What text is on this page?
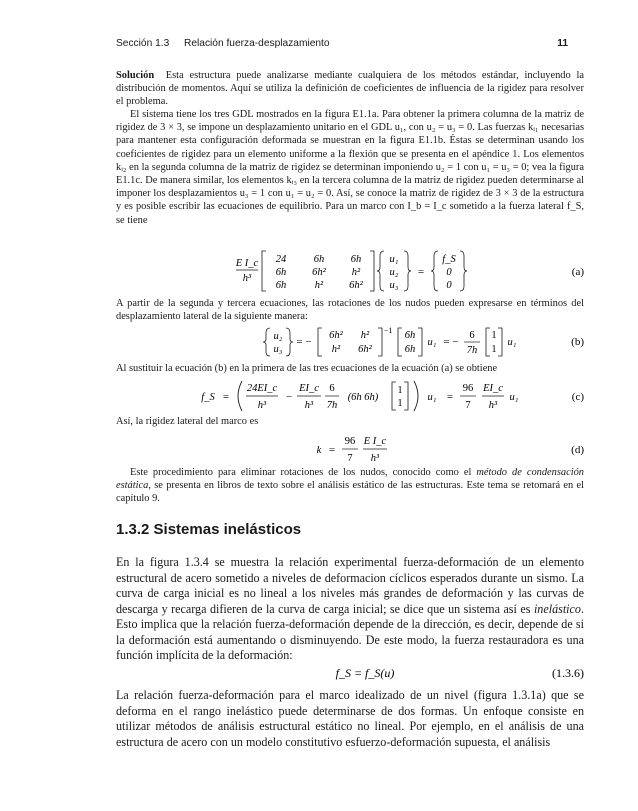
Sección 1.3 Relación fuerza-desplazamiento	11

Solución Esta estructura puede analizarse mediante cualquiera de los métodos estándar, incluyendo la distribución de momentos. Aquí se utiliza la definición de coeficientes de influencia de la rigidez para resolver el problema.

El sistema tiene los tres GDL mostrados en la figura E1.1a. Para obtener la primera columna de la matriz de rigidez de 3 × 3, se impone un desplazamiento unitario en el GDL u₁, con u₂ = u₃ = 0. Las fuerzas kᵢ₁ necesarias para mantener esta configuración deformada se muestran en la figura E1.1b. Éstas se determinan usando los coeficientes de rigidez para un elemento uniforme a la flexión que se presenta en el apéndice 1. Los elementos kᵢ₂ en la segunda columna de la matriz de rigidez se determinan imponiendo u₂ = 1 con u₁ = u₃ = 0; vea la figura E1.1c. De manera similar, los elementos kᵢ₃ en la tercera columna de la matriz de rigidez pueden determinarse al imponer los desplazamientos u₃ = 1 con u₁ = u₂ = 0. Así, se conoce la matriz de rigidez de 3 × 3 de la estructura y es posible escribir las ecuaciones de equilibrio. Para un marco con I_b = I_c sometido a la fuerza lateral f_S, se tiene

E I_c
h³
24	6h	6h
6h 6h² h²
6h	h² 6h²
u₁
u₂
u₃
=
f_S
0
0
(a)

A partir de la segunda y tercera ecuaciones, las rotaciones de los nudos pueden expresarse en términos del desplazamiento lateral de la siguiente manera:

u₂
u₃
= −
6h² h²
h² 6h²
−1 6h
6h
u₁ = −
6
7h
1
1
u₁	(b)

Al sustituir la ecuación (b) en la primera de las tres ecuaciones de la ecuación (a) se obtiene

f_S =
24EI_c
h³
−
EI_c
h³
6
7h
(6h 6h)
1
1
u₁ =
96
7
EI_c
h³
u₁	(c)

Así, la rigidez lateral del marco es

k =
96
7
E I_c
h³
(d)

Este procedimiento para eliminar rotaciones de los nudos, conocido como el método de condensación estática, se presenta en libros de texto sobre el análisis estático de las estructuras. Este tema se retomará en el capítulo 9.

1.3.2 Sistemas inelásticos

En la figura 1.3.4 se muestra la relación experimental fuerza-deformación de un elemento estructural de acero sometido a niveles de deformacion cíclicos esperados durante un sismo. La curva de carga inicial es no lineal a los niveles más grandes de deformación y las curvas de descarga y recarga difieren de la curva de carga inicial; se dice que un sistema así es inelástico. Esto implica que la relación fuerza-deformación depende de la dirección, es decir, depende de si la deformación está aumentando o disminuyendo. De este modo, la fuerza restauradora es una función implícita de la deformación:

f_S = f_S(u)	(1.3.6)

La relación fuerza-deformación para el marco idealizado de un nivel (figura 1.3.1a) que se deforma en el rango inelástico puede determinarse de dos formas. Un enfoque consiste en utilizar métodos de análisis estructural estático no lineal. Por ejemplo, en el análisis de una estructura de acero con un modelo constitutivo esfuerzo-deformación supuesta, el análisis
